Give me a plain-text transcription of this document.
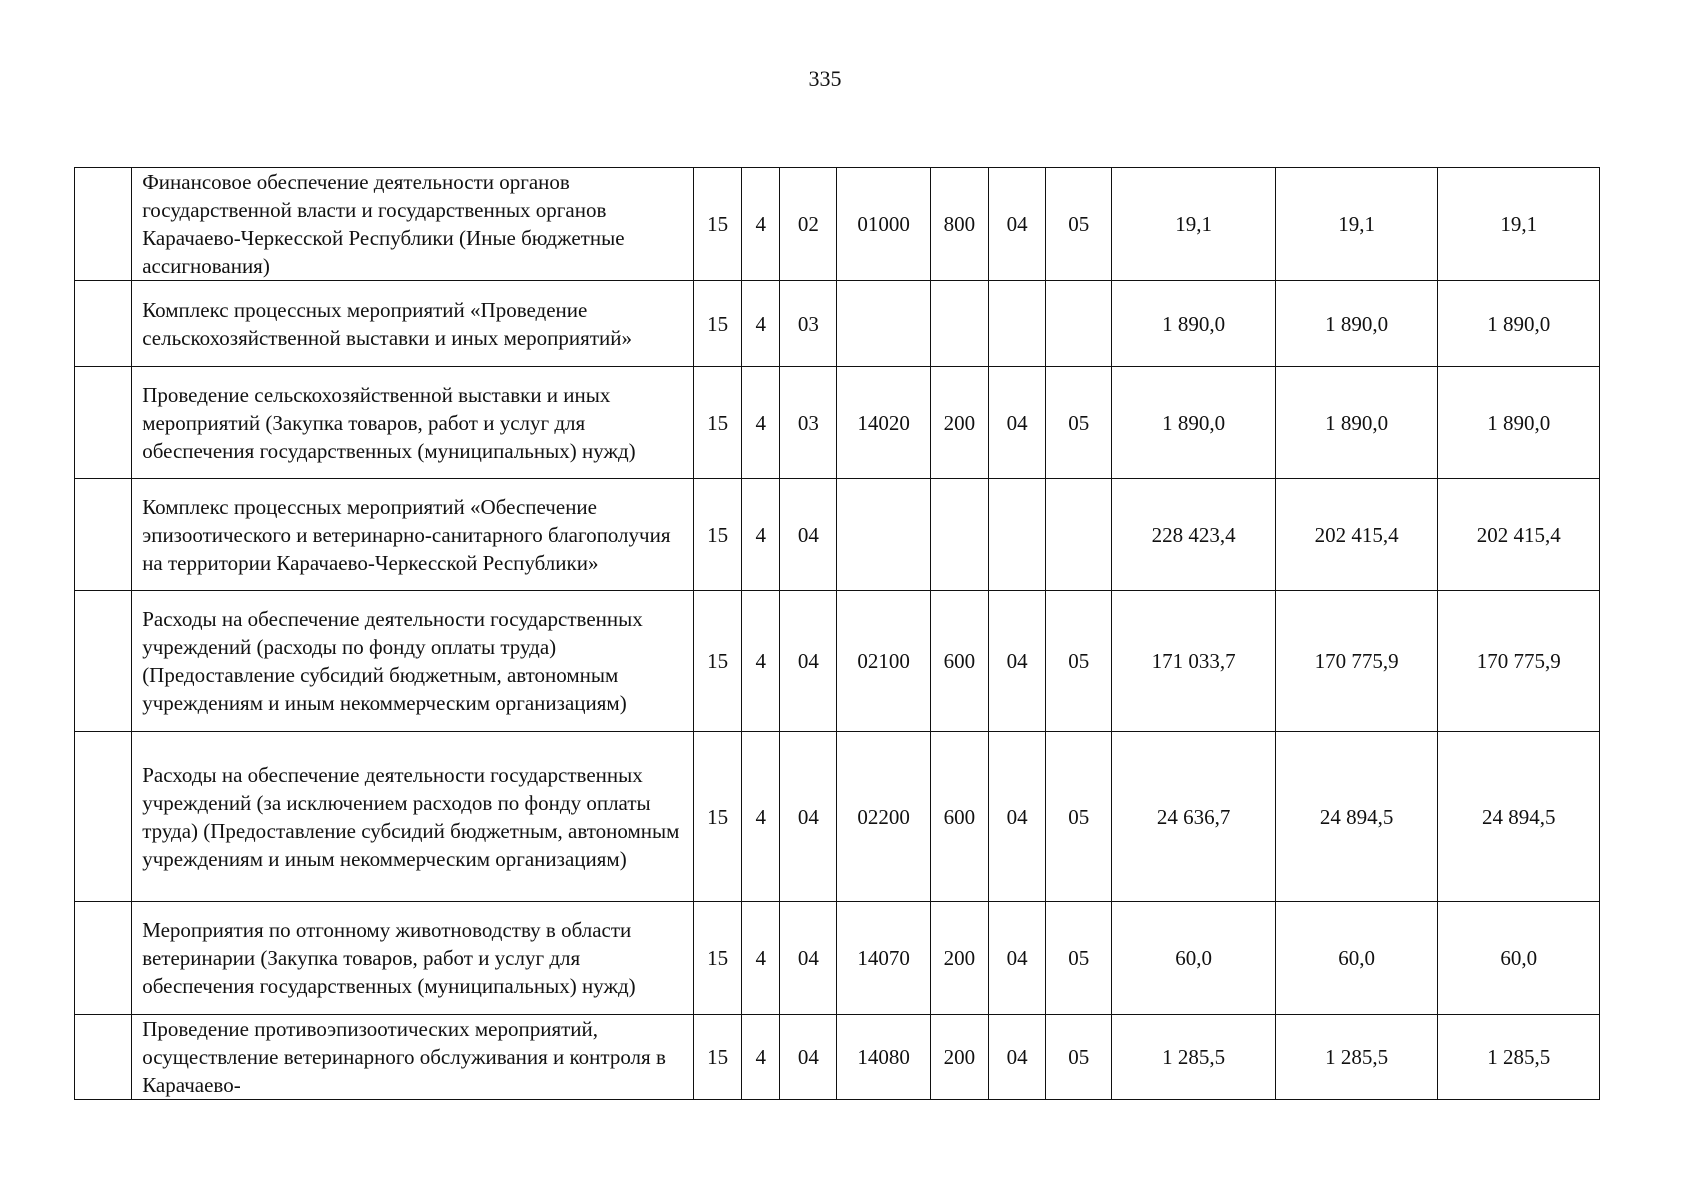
335
	Финансовое обеспечение деятельности органов государственной власти и государственных органов Карачаево-Черкесской Республики (Иные бюджетные ассигнования)	15	4	02	01000	800	04	05	19,1	19,1	19,1
	Комплекс процессных мероприятий «Проведение сельскохозяйственной выставки и иных мероприятий»	15	4	03					1 890,0	1 890,0	1 890,0
	Проведение сельскохозяйственной выставки и иных мероприятий (Закупка товаров, работ и услуг для обеспечения государственных (муниципальных) нужд)	15	4	03	14020	200	04	05	1 890,0	1 890,0	1 890,0
	Комплекс процессных мероприятий «Обеспечение эпизоотического и ветеринарно-санитарного благополучия на территории Карачаево-Черкесской Республики»	15	4	04					228 423,4	202 415,4	202 415,4
	Расходы на обеспечение деятельности государственных учреждений (расходы по фонду оплаты труда) (Предоставление субсидий бюджетным, автономным учреждениям и иным некоммерческим организациям)	15	4	04	02100	600	04	05	171 033,7	170 775,9	170 775,9
	Расходы на обеспечение деятельности государственных учреждений (за исключением расходов по фонду оплаты труда) (Предоставление субсидий бюджетным, автономным учреждениям и иным некоммерческим организациям)	15	4	04	02200	600	04	05	24 636,7	24 894,5	24 894,5
	Мероприятия по отгонному животноводству в области ветеринарии (Закупка товаров, работ и услуг для обеспечения государственных (муниципальных) нужд)	15	4	04	14070	200	04	05	60,0	60,0	60,0
	Проведение противоэпизоотических мероприятий, осуществление ветеринарного обслуживания и контроля в Карачаево-	15	4	04	14080	200	04	05	1 285,5	1 285,5	1 285,5
